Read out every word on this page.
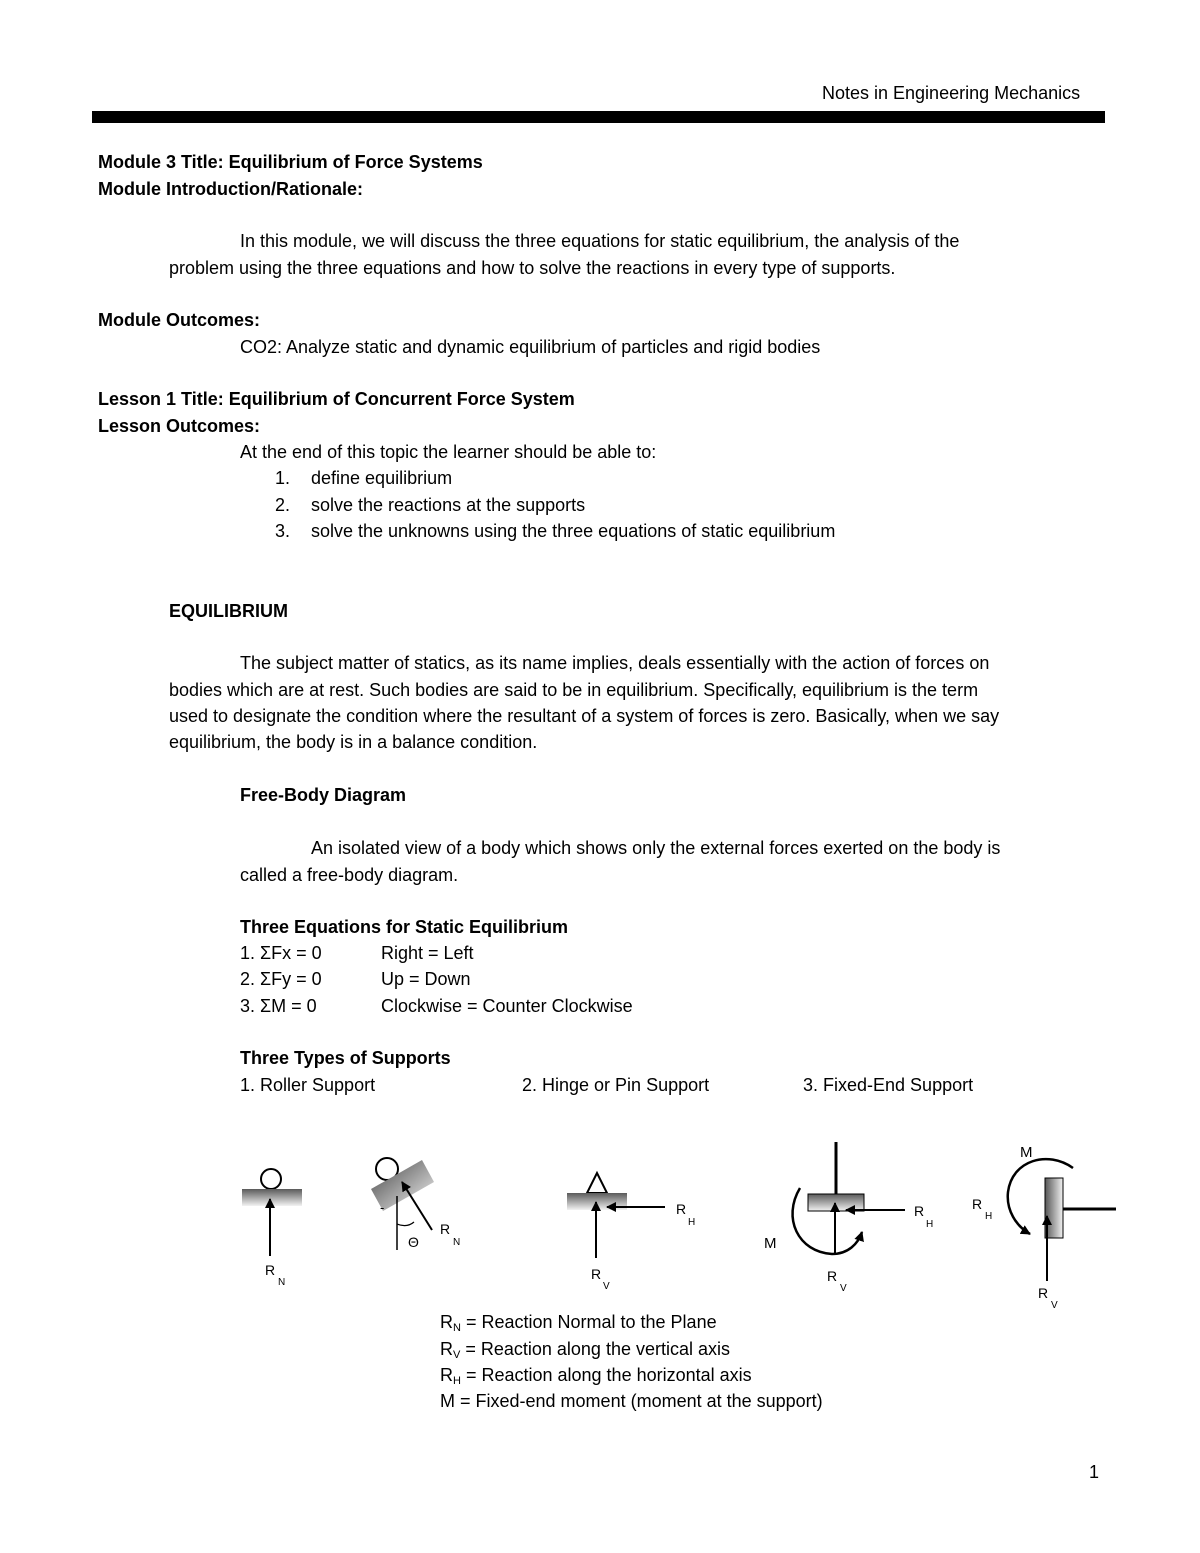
Notes in Engineering Mechanics
Module 3 Title: Equilibrium of Force Systems
Module Introduction/Rationale:
In this module, we will discuss the three equations for static equilibrium, the analysis of the
problem using the three equations and how to solve the reactions in every type of supports.
Module Outcomes:
CO2: Analyze static and dynamic equilibrium of particles and rigid bodies
Lesson 1 Title: Equilibrium of Concurrent Force System
Lesson Outcomes:
At the end of this topic the learner should be able to:
1. define equilibrium
2. solve the reactions at the supports
3. solve the unknowns using the three equations of static equilibrium
EQUILIBRIUM
The subject matter of statics, as its name implies, deals essentially with the action of forces on
bodies which are at rest. Such bodies are said to be in equilibrium. Specifically, equilibrium is the term
used to designate the condition where the resultant of a system of forces is zero. Basically, when we say
equilibrium, the body is in a balance condition.
Free-Body Diagram
An isolated view of a body which shows only the external forces exerted on the body is
called a free-body diagram.
Three Equations for Static Equilibrium
1. ΣFx = 0	Right = Left
2. ΣFy = 0	Up = Down
3. ΣM = 0	Clockwise = Counter Clockwise
Three Types of Supports
1. Roller Support	2. Hinge or Pin Support	3. Fixed-End Support
R
N
-
Θ
R
N
R
H
R
V
M
R
H
R
V
M
R
H
R
V
$R_N$ = Reaction Normal to the Plane
$R_V$ = Reaction along the vertical axis
$R_H$ = Reaction along the horizontal axis
M = Fixed-end moment (moment at the support)
1
